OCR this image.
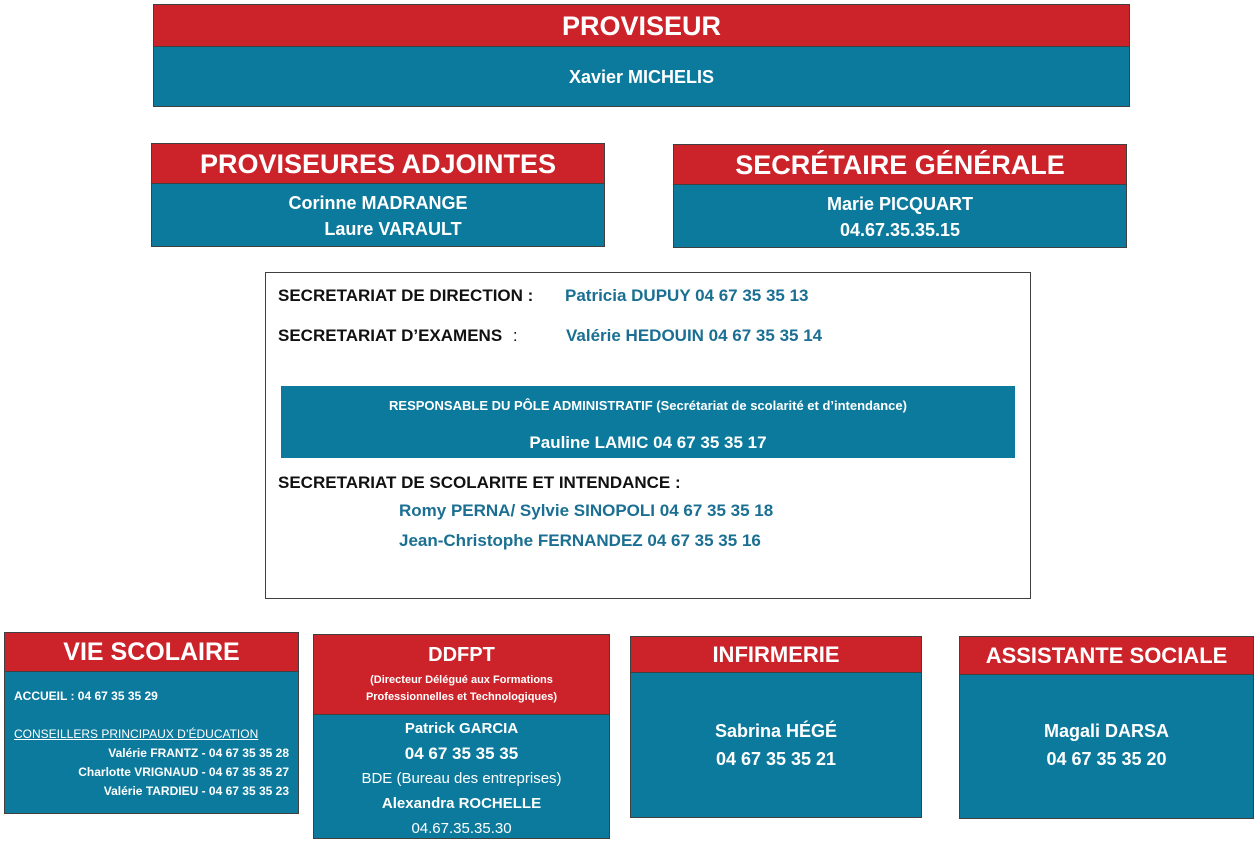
PROVISEUR
Xavier MICHELIS
PROVISEURES ADJOINTES
Corinne MADRANGE
Laure VARAULT
SECRÉTAIRE GÉNÉRALE
Marie PICQUART
04.67.35.35.15
SECRETARIAT DE DIRECTION : Patricia DUPUY 04 67 35 35 13
SECRETARIAT D’EXAMENS :	Valérie HEDOUIN 04 67 35 35 14
RESPONSABLE DU PÔLE ADMINISTRATIF (Secrétariat de scolarité et d’intendance)
Pauline LAMIC 04 67 35 35 17
SECRETARIAT DE SCOLARITE ET INTENDANCE :
Romy PERNA/ Sylvie SINOPOLI 04 67 35 35 18
Jean-Christophe FERNANDEZ 04 67 35 35 16
VIE SCOLAIRE
ACCUEIL : 04 67 35 35 29
CONSEILLERS PRINCIPAUX D’ÉDUCATION
Valérie FRANTZ - 04 67 35 35 28
Charlotte VRIGNAUD - 04 67 35 35 27
Valérie TARDIEU - 04 67 35 35 23
DDFPT
(Directeur Délégué aux Formations
Professionnelles et Technologiques)
Patrick GARCIA
04 67 35 35 35
BDE (Bureau des entreprises)
Alexandra ROCHELLE
04.67.35.35.30
INFIRMERIE
Sabrina HÉGÉ
04 67 35 35 21
ASSISTANTE SOCIALE
Magali DARSA
04 67 35 35 20
